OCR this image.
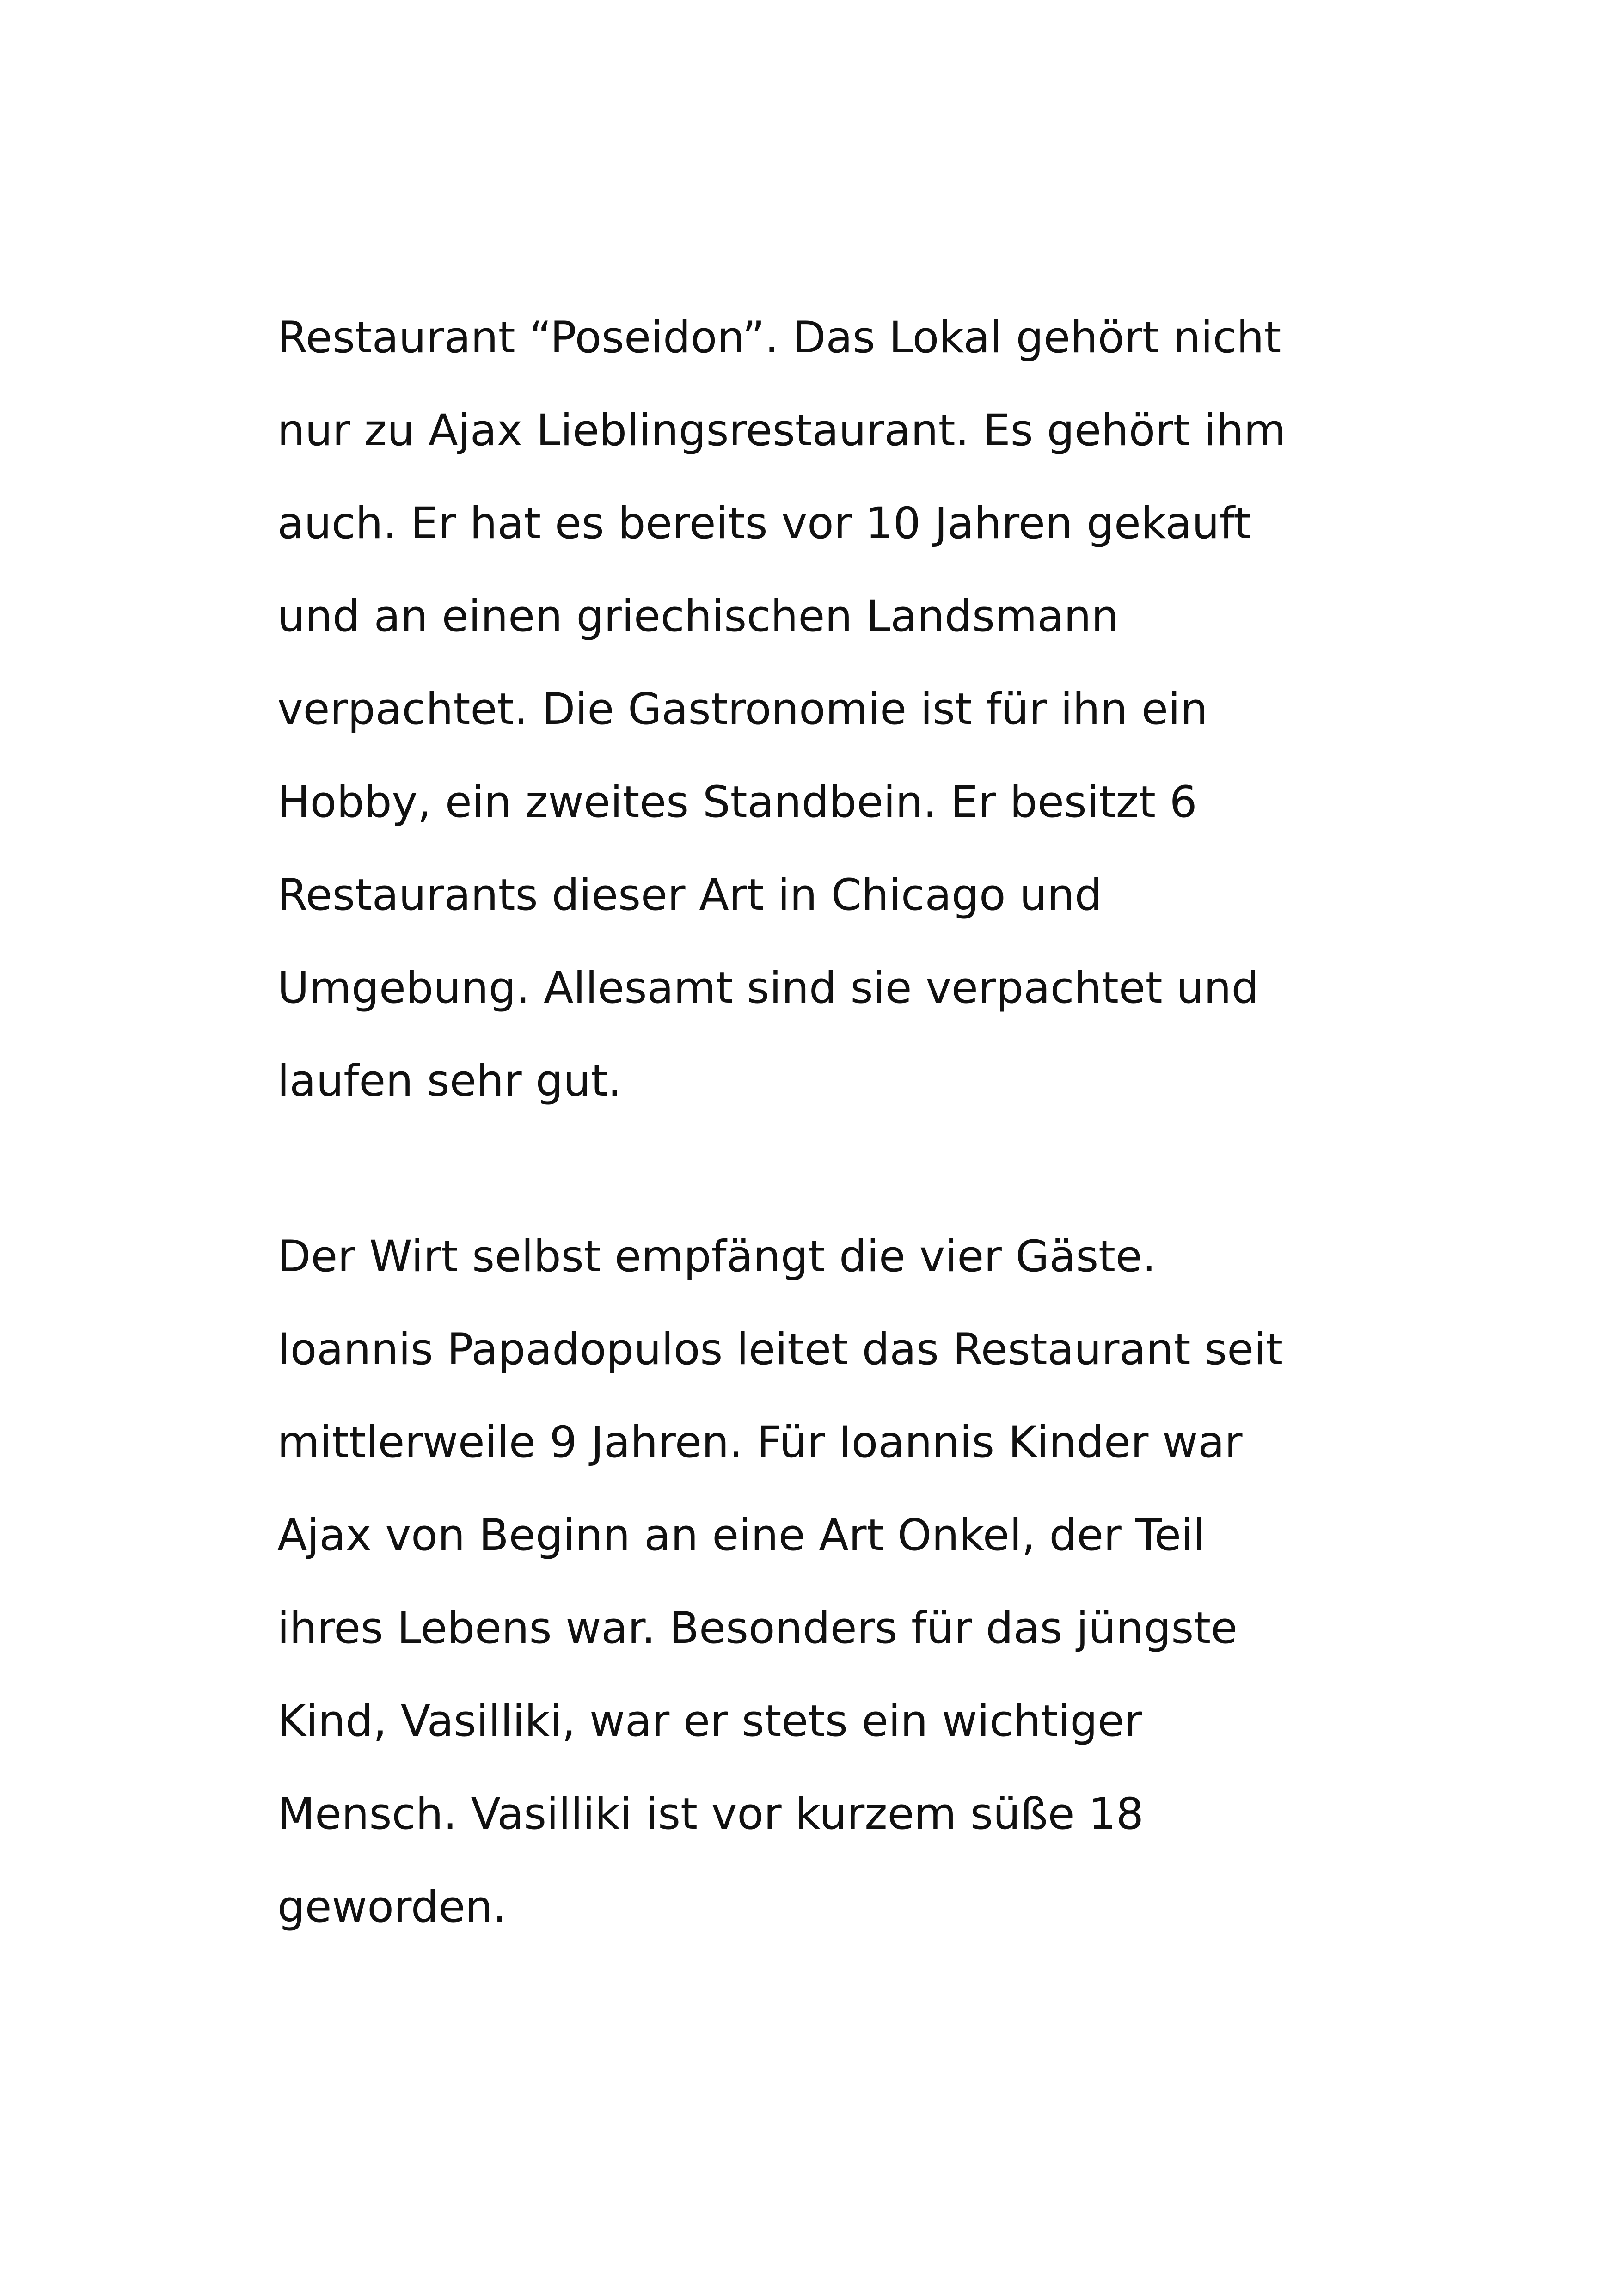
Restaurant “Poseidon”. Das Lokal gehört nicht
nur zu Ajax Lieblingsrestaurant. Es gehört ihm
auch. Er hat es bereits vor 10 Jahren gekauft
und an einen griechischen Landsmann
verpachtet. Die Gastronomie ist für ihn ein
Hobby, ein zweites Standbein. Er besitzt 6
Restaurants dieser Art in Chicago und
Umgebung. Allesamt sind sie verpachtet und
laufen sehr gut.

Der Wirt selbst empfängt die vier Gäste.
Ioannis Papadopulos leitet das Restaurant seit
mittlerweile 9 Jahren. Für Ioannis Kinder war
Ajax von Beginn an eine Art Onkel, der Teil
ihres Lebens war. Besonders für das jüngste
Kind, Vasilliki, war er stets ein wichtiger
Mensch. Vasilliki ist vor kurzem süße 18
geworden.
